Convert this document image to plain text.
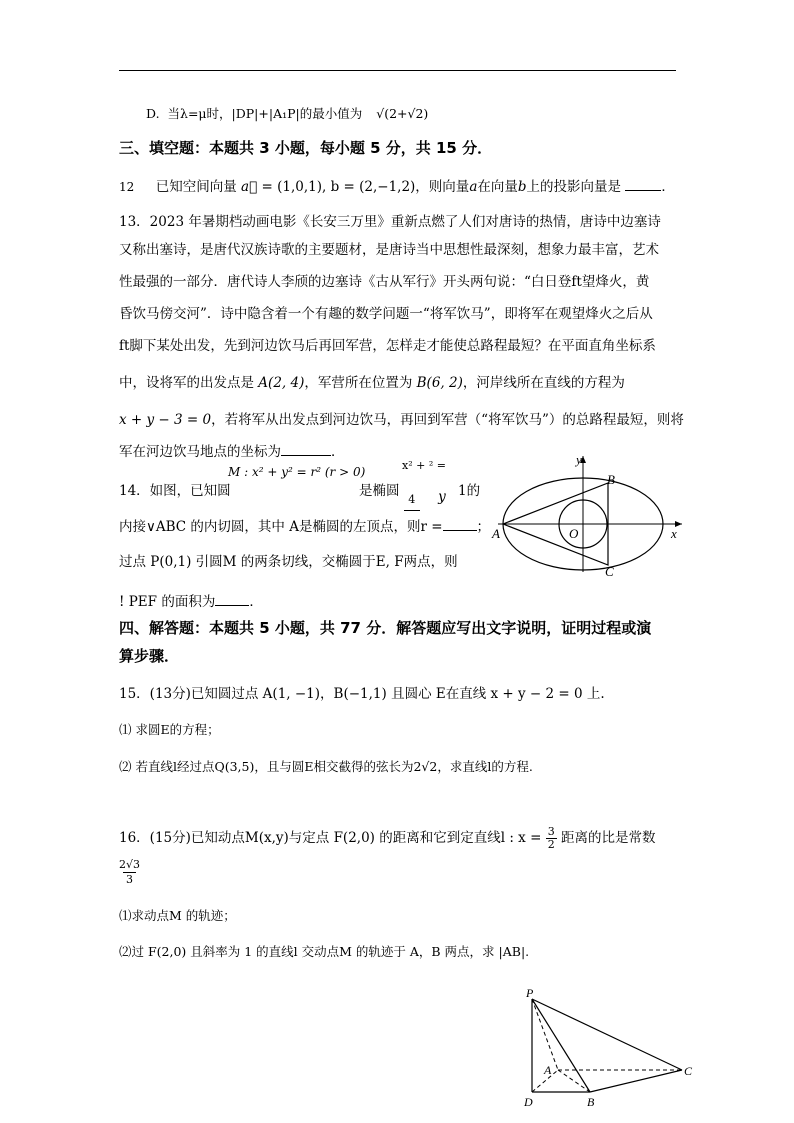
D. 当λ=μ时，|DP|+|A₁P|的最小值为 √(2+√2)
三、填空题：本题共 3 小题，每小题 5 分，共 15 分．
12 已知空间向量 a⃗ = (1,0,1), b = (2,−1,2)，则向量a在向量b上的投影向量是	．
13．2023 年暑期档动画电影《长安三万里》重新点燃了人们对唐诗的热情，唐诗中边塞诗
又称出塞诗，是唐代汉族诗歌的主要题材，是唐诗当中思想性最深刻，想象力最丰富，艺术
性最强的一部分．唐代诗人李颀的边塞诗《古从军行》开头两句说：“白日登ft望烽火，黄
昏饮马傍交河”．诗中隐含着一个有趣的数学问题一“将军饮马”，即将军在观望烽火之后从
ft脚下某处出发，先到河边饮马后再回军营，怎样走才能使总路程最短？在平面直角坐标系
中，设将军的出发点是 A(2, 4)，军营所在位置为 B(6, 2)，河岸线所在直线的方程为
x + y − 3 = 0，若将军从出发点到河边饮马，再回到军营（“将军饮马”）的总路程最短，则将
军在河边饮马地点的坐标为	．
M : x² + y² = r² (r > 0)	x² + ² =
14．如图，已知圆	是椭圆 4 y 1的
内接∨ABC 的内切圆，其中 A是椭圆的左顶点，则r =	；
过点 P(0,1) 引圆M 的两条切线，交椭圆于E, F两点，则
! PEF 的面积为	．
y
x
A	O
B
C
四、解答题：本题共 5 小题，共 77 分．解答题应写出文字说明，证明过程或演
算步骤．
15．(13分)已知圆过点 A(1, −1)，B(−1,1) 且圆心 E在直线 x + y − 2 = 0 上.
⑴ 求圆E的方程；
⑵ 若直线l经过点Q(3,5)，且与圆E相交截得的弦长为2√2，求直线l的方程.
16．(15分)已知动点M(x,y)与定点 F(2,0) 的距离和它到定直线l : $x = \frac{3}{2}$ 距离的比是常数
2√3
3
⑴求动点M 的轨迹；
⑵过 F(2,0) 且斜率为 1 的直线l 交动点M 的轨迹于 A，B 两点，求 |AB|.
P
A	C
D	B
